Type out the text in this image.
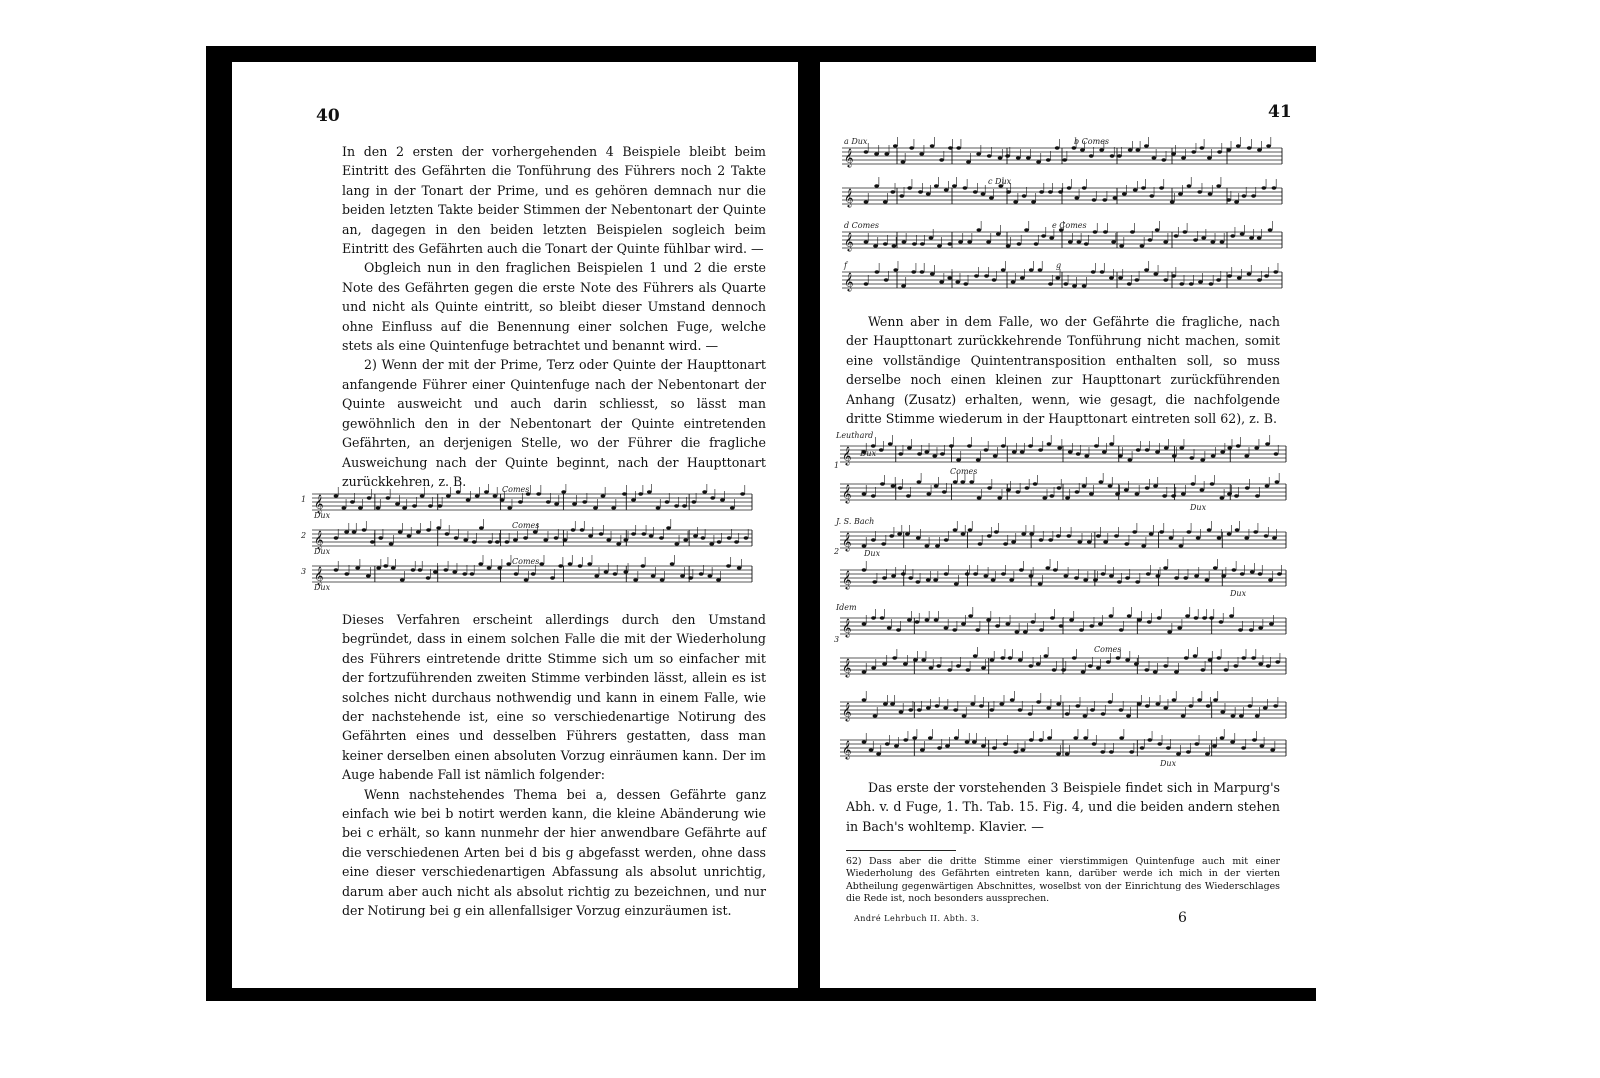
40

In den 2 ersten der vorhergehenden 4 Beispiele bleibt beim Eintritt des Gefährten die Tonführung des Führers noch 2 Takte lang in der Tonart der Prime, und es gehören demnach nur die beiden letzten Takte beider Stimmen der Nebentonart der Quinte an, dagegen in den beiden letzten Beispielen sogleich beim Eintritt des Gefährten auch die Tonart der Quinte fühlbar wird. —

Obgleich nun in den fraglichen Beispielen 1 und 2 die erste Note des Gefährten gegen die erste Note des Führers als Quarte und nicht als Quinte eintritt, so bleibt dieser Umstand dennoch ohne Einfluss auf die Benennung einer solchen Fuge, welche stets als eine Quintenfuge betrachtet und benannt wird. —

2) Wenn der mit der Prime, Terz oder Quinte der Haupttonart anfangende Führer einer Quintenfuge nach der Nebentonart der Quinte ausweicht und auch darin schliesst, so lässt man gewöhnlich den in der Nebentonart der Quinte eintretenden Gefährten, an derjenigen Stelle, wo der Führer die fragliche Ausweichung nach der Quinte beginnt, nach der Haupttonart zurückkehren, z. B.

𝄞
𝄞
𝄞
1
2
3
Comes
Dux
Comes
Dux
Comes
Dux

Dieses Verfahren erscheint allerdings durch den Umstand begründet, dass in einem solchen Falle die mit der Wiederholung des Führers eintretende dritte Stimme sich um so einfacher mit der fortzuführenden zweiten Stimme verbinden lässt, allein es ist solches nicht durchaus nothwendig und kann in einem Falle, wie der nachstehende ist, eine so verschiedenartige Notirung des Gefährten eines und desselben Führers gestatten, dass man keiner derselben einen absoluten Vorzug einräumen kann. Der im Auge habende Fall ist nämlich folgender:

Wenn nachstehendes Thema bei a, dessen Gefährte ganz einfach wie bei b notirt werden kann, die kleine Abänderung wie bei c erhält, so kann nunmehr der hier anwendbare Gefährte auf die verschiedenen Arten bei d bis g abgefasst werden, ohne dass eine dieser verschiedenartigen Abfassung als absolut unrichtig, darum aber auch nicht als absolut richtig zu bezeichnen, und nur der Notirung bei g ein allenfallsiger Vorzug einzuräumen ist.

41
𝄞
𝄞
𝄞
𝄞
a Dux	b Comes
c Dux
d Comes	e Comes
f	g

Wenn aber in dem Falle, wo der Gefährte die fragliche, nach der Haupttonart zurückkehrende Tonführung nicht machen, somit eine vollständige Quintentransposition enthalten soll, so muss derselbe noch einen kleinen zur Haupttonart zurückführenden Anhang (Zusatz) erhalten, wenn, wie gesagt, die nachfolgende dritte Stimme wiederum in der Haupttonart eintreten soll 62), z. B.

𝄞
𝄞
𝄞
𝄞
𝄞
𝄞
𝄞
𝄞
1
2
3
Leuthard
J. S. Bach
Idem
Dux
Comes
Dux
Dux
Dux
Comes
Dux

Das erste der vorstehenden 3 Beispiele findet sich in Marpurg's Abh. v. d Fuge, 1. Th. Tab. 15. Fig. 4, und die beiden andern stehen in Bach's wohltemp. Klavier. —

62) Dass aber die dritte Stimme einer vierstimmigen Quintenfuge auch mit einer Wiederholung des Gefährten eintreten kann, darüber werde ich mich in der vierten Abtheilung gegenwärtigen Abschnittes, woselbst von der Einrichtung des Wiederschlages die Rede ist, noch besonders aussprechen.
André Lehrbuch II. Abth. 3.	6
